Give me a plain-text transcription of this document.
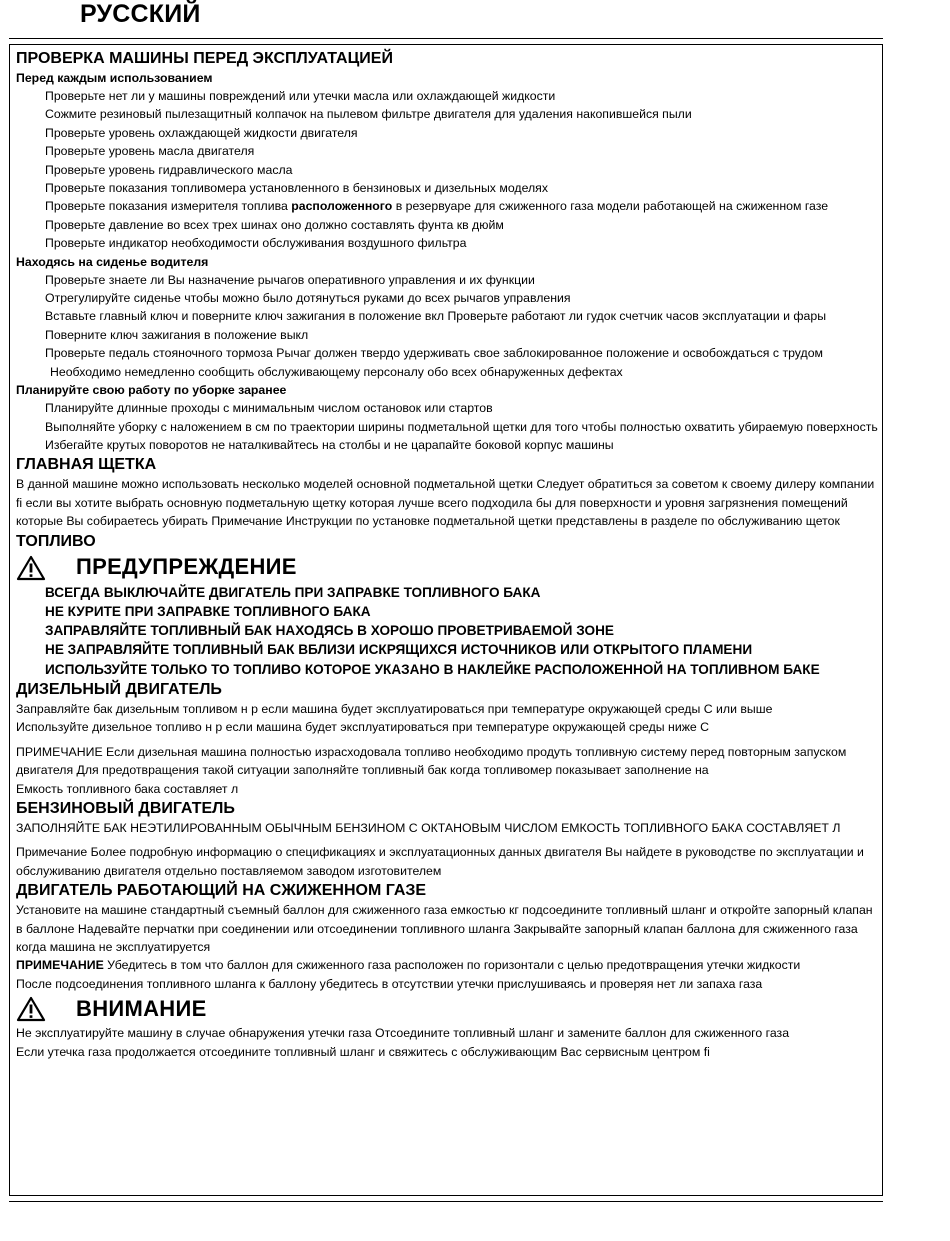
РУССКИЙ
ПРОВЕРКА МАШИНЫ ПЕРЕД ЭКСПЛУАТАЦИЕЙ
Перед каждым использованием
Проверьте нет ли у машины повреждений или утечки масла или охлаждающей жидкости
Сожмите резиновый пылезащитный колпачок на пылевом фильтре двигателя для удаления накопившейся пыли
Проверьте уровень охлаждающей жидкости двигателя
Проверьте уровень масла двигателя
Проверьте уровень гидравлического масла
Проверьте показания топливомера установленного в бензиновых и дизельных моделях
Проверьте показания измерителя топлива расположенного в резервуаре для сжиженного газа модели работающей на сжиженном газе
Проверьте давление во всех трех шинах оно должно составлять фунта кв дюйм
Проверьте индикатор необходимости обслуживания воздушного фильтра
Находясь на сиденье водителя
Проверьте знаете ли Вы назначение рычагов оперативного управления и их функции
Отрегулируйте сиденье чтобы можно было дотянуться руками до всех рычагов управления
Вставьте главный ключ и поверните ключ зажигания в положение вкл Проверьте работают ли гудок счетчик часов эксплуатации и фары Поверните ключ зажигания в положение выкл
Проверьте педаль стояночного тормоза Рычаг должен твердо удерживать свое заблокированное положение и освобождаться с трудом
Необходимо немедленно сообщить обслуживающему персоналу обо всех обнаруженных дефектах
Планируйте свою работу по уборке заранее
Планируйте длинные проходы с минимальным числом остановок или стартов
Выполняйте уборку с наложением в см по траектории ширины подметальной щетки для того чтобы полностью охватить убираемую поверхность
Избегайте крутых поворотов не наталкивайтесь на столбы и не царапайте боковой корпус машины
ГЛАВНАЯ ЩЕТКА
В данной машине можно использовать несколько моделей основной подметальной щетки Следует обратиться за советом к своему дилеру компании fi если вы хотите выбрать основную подметальную щетку которая лучше всего подходила бы для поверхности и уровня загрязнения помещений которые Вы собираетесь убирать Примечание Инструкции по установке подметальной щетки представлены в разделе по обслуживанию щеток
ТОПЛИВО
ПРЕДУПРЕЖДЕНИЕ
ВСЕГДА ВЫКЛЮЧАЙТЕ ДВИГАТЕЛЬ ПРИ ЗАПРАВКЕ ТОПЛИВНОГО БАКА
НЕ КУРИТЕ ПРИ ЗАПРАВКЕ ТОПЛИВНОГО БАКА
ЗАПРАВЛЯЙТЕ ТОПЛИВНЫЙ БАК НАХОДЯСЬ В ХОРОШО ПРОВЕТРИВАЕМОЙ ЗОНЕ
НЕ ЗАПРАВЛЯЙТЕ ТОПЛИВНЫЙ БАК ВБЛИЗИ ИСКРЯЩИХСЯ ИСТОЧНИКОВ ИЛИ ОТКРЫТОГО ПЛАМЕНИ
ИСПОЛЬЗУЙТЕ ТОЛЬКО ТО ТОПЛИВО КОТОРОЕ УКАЗАНО В НАКЛЕЙКЕ РАСПОЛОЖЕННОЙ НА ТОПЛИВНОМ БАКЕ
ДИЗЕЛЬНЫЙ ДВИГАТЕЛЬ
Заправляйте бак дизельным топливом н р если машина будет эксплуатироваться при температуре окружающей среды С или выше
Используйте дизельное топливо н р если машина будет эксплуатироваться при температуре окружающей среды ниже С
ПРИМЕЧАНИЕ Если дизельная машина полностью израсходовала топливо необходимо продуть топливную систему перед повторным запуском двигателя Для предотвращения такой ситуации заполняйте топливный бак когда топливомер показывает заполнение на
Емкость топливного бака составляет л
БЕНЗИНОВЫЙ ДВИГАТЕЛЬ
ЗАПОЛНЯЙТЕ БАК НЕЭТИЛИРОВАННЫМ ОБЫЧНЫМ БЕНЗИНОМ С ОКТАНОВЫМ ЧИСЛОМ ЕМКОСТЬ ТОПЛИВНОГО БАКА СОСТАВЛЯЕТ Л
Примечание Более подробную информацию о спецификациях и эксплуатационных данных двигателя Вы найдете в руководстве по эксплуатации и обслуживанию двигателя отдельно поставляемом заводом изготовителем
ДВИГАТЕЛЬ РАБОТАЮЩИЙ НА СЖИЖЕННОМ ГАЗЕ
Установите на машине стандартный съемный баллон для сжиженного газа емкостью кг подсоедините топливный шланг и откройте запорный клапан в баллоне Надевайте перчатки при соединении или отсоединении топливного шланга Закрывайте запорный клапан баллона для сжиженного газа когда машина не эксплуатируется
ПРИМЕЧАНИЕ Убедитесь в том что баллон для сжиженного газа расположен по горизонтали с целью предотвращения утечки жидкости
После подсоединения топливного шланга к баллону убедитесь в отсутствии утечки прислушиваясь и проверяя нет ли запаха газа
ВНИМАНИЕ
Не эксплуатируйте машину в случае обнаружения утечки газа Отсоедините топливный шланг и замените баллон для сжиженного газа
Если утечка газа продолжается отсоедините топливный шланг и свяжитесь с обслуживающим Вас сервисным центром fi
